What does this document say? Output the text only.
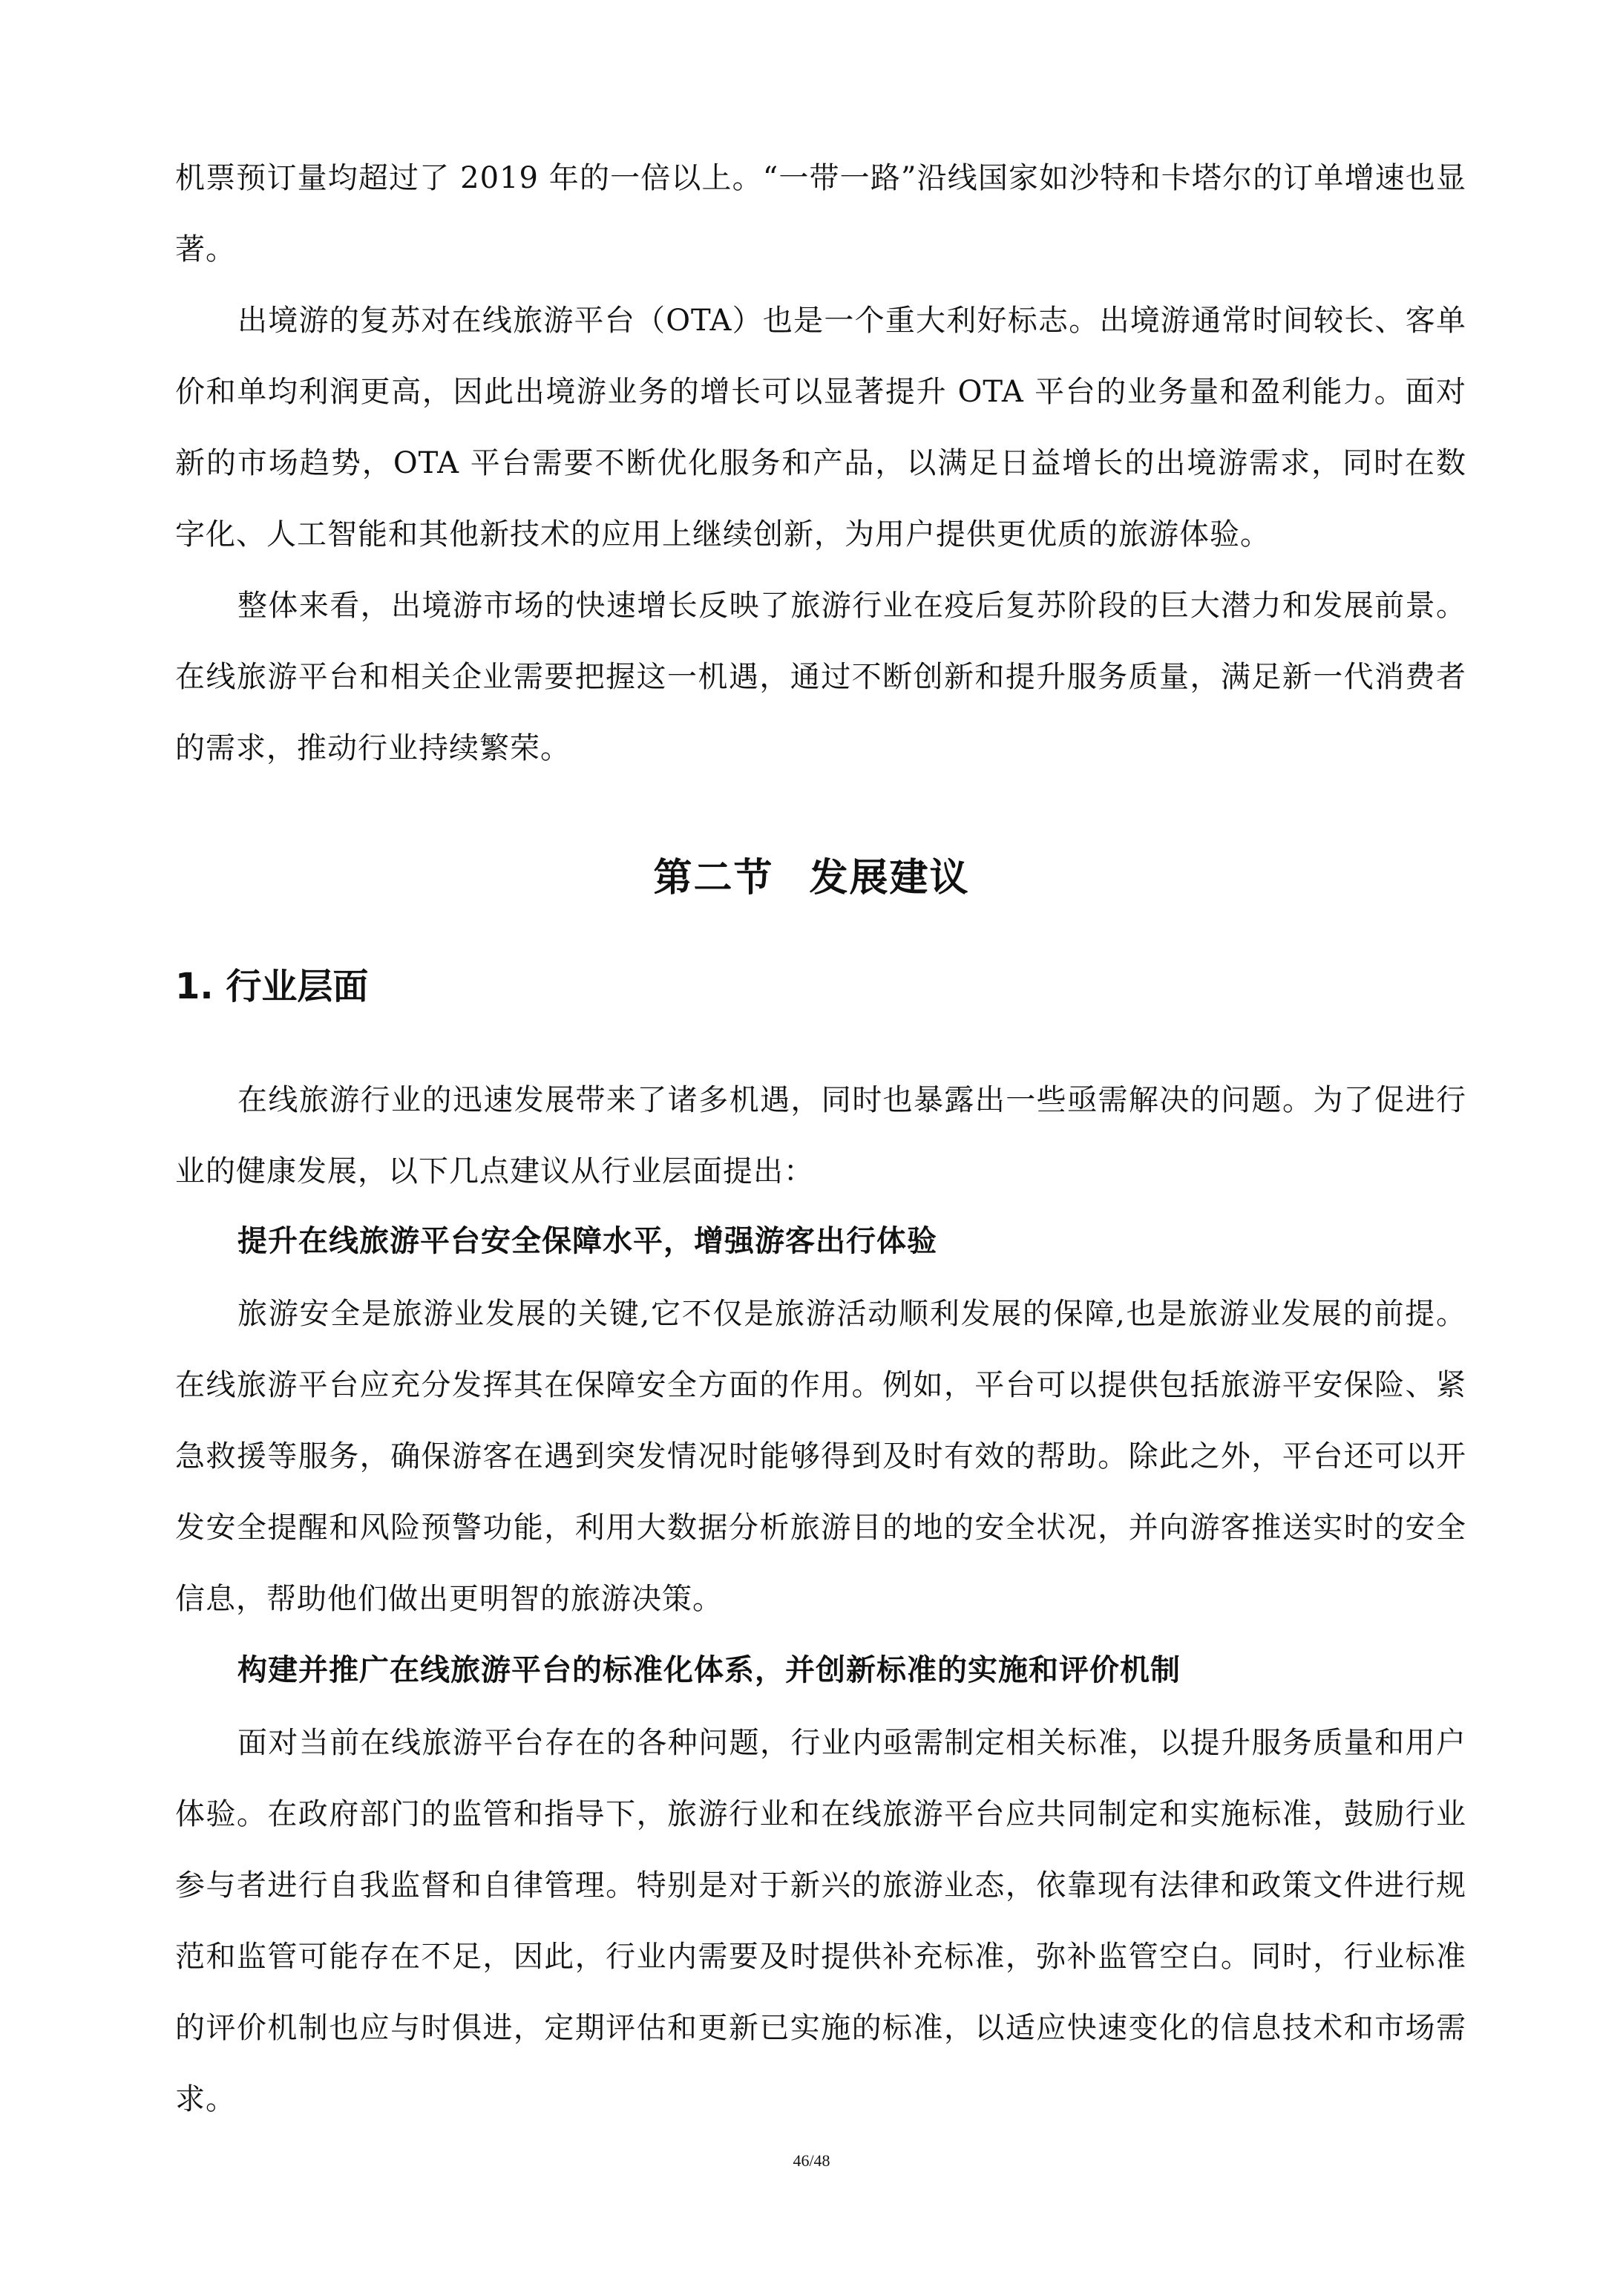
机票预订量均超过了 2019 年的一倍以上。“一带一路”沿线国家如沙特和卡塔尔的订单增速也显著。

出境游的复苏对在线旅游平台（OTA）也是一个重大利好标志。出境游通常时间较长、客单价和单均利润更高，因此出境游业务的增长可以显著提升 OTA 平台的业务量和盈利能力。面对新的市场趋势，OTA 平台需要不断优化服务和产品，以满足日益增长的出境游需求，同时在数字化、人工智能和其他新技术的应用上继续创新，为用户提供更优质的旅游体验。

整体来看，出境游市场的快速增长反映了旅游行业在疫后复苏阶段的巨大潜力和发展前景。在线旅游平台和相关企业需要把握这一机遇，通过不断创新和提升服务质量，满足新一代消费者的需求，推动行业持续繁荣。

第二节 发展建议
1. 行业层面

在线旅游行业的迅速发展带来了诸多机遇，同时也暴露出一些亟需解决的问题。为了促进行业的健康发展，以下几点建议从行业层面提出：

提升在线旅游平台安全保障水平，增强游客出行体验

旅游安全是旅游业发展的关键,它不仅是旅游活动顺利发展的保障,也是旅游业发展的前提。在线旅游平台应充分发挥其在保障安全方面的作用。例如，平台可以提供包括旅游平安保险、紧急救援等服务，确保游客在遇到突发情况时能够得到及时有效的帮助。除此之外，平台还可以开发安全提醒和风险预警功能，利用大数据分析旅游目的地的安全状况，并向游客推送实时的安全信息，帮助他们做出更明智的旅游决策。

构建并推广在线旅游平台的标准化体系，并创新标准的实施和评价机制

面对当前在线旅游平台存在的各种问题，行业内亟需制定相关标准，以提升服务质量和用户体验。在政府部门的监管和指导下，旅游行业和在线旅游平台应共同制定和实施标准，鼓励行业参与者进行自我监督和自律管理。特别是对于新兴的旅游业态，依靠现有法律和政策文件进行规范和监管可能存在不足，因此，行业内需要及时提供补充标准，弥补监管空白。同时，行业标准的评价机制也应与时俱进，定期评估和更新已实施的标准，以适应快速变化的信息技术和市场需求。

46/48
